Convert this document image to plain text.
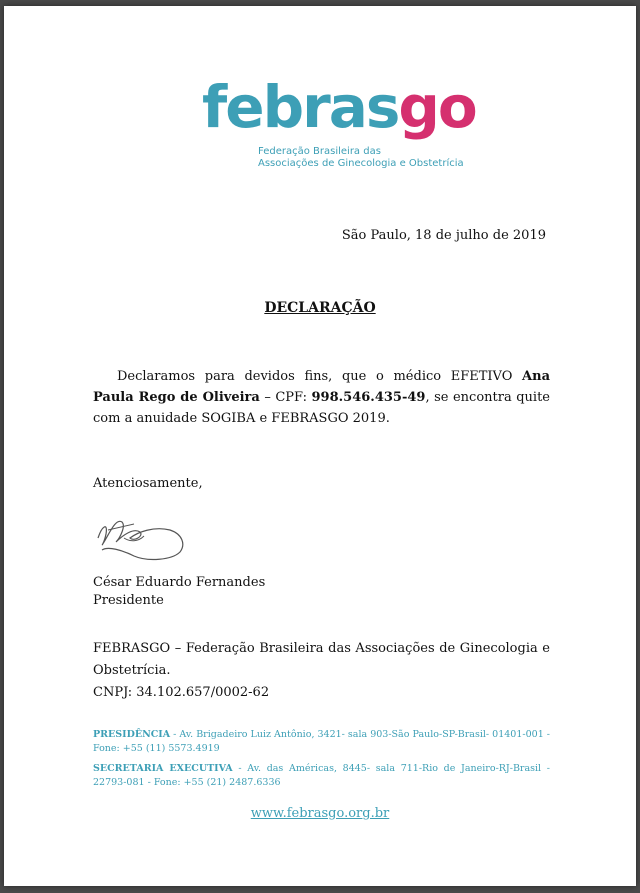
febrasgo
Federação Brasileira das
Associações de Ginecologia e Obstetrícia
São Paulo, 18 de julho de 2019
DECLARAÇÃO
Declaramos para devidos fins, que o médico EFETIVO Ana Paula Rego de Oliveira – CPF: 998.546.435-49, se encontra quite com a anuidade SOGIBA e FEBRASGO 2019.
Atenciosamente,
César Eduardo Fernandes
Presidente
FEBRASGO – Federação Brasileira das Associações de Ginecologia e Obstetrícia.
CNPJ: 34.102.657/0002-62
PRESIDÊNCIA - Av. Brigadeiro Luiz Antônio, 3421- sala 903-São Paulo-SP-Brasil- 01401-001 - Fone: +55 (11) 5573.4919
SECRETARIA EXECUTIVA - Av. das Américas, 8445- sala 711-Rio de Janeiro-RJ-Brasil - 22793-081 - Fone: +55 (21) 2487.6336
www.febrasgo.org.br
